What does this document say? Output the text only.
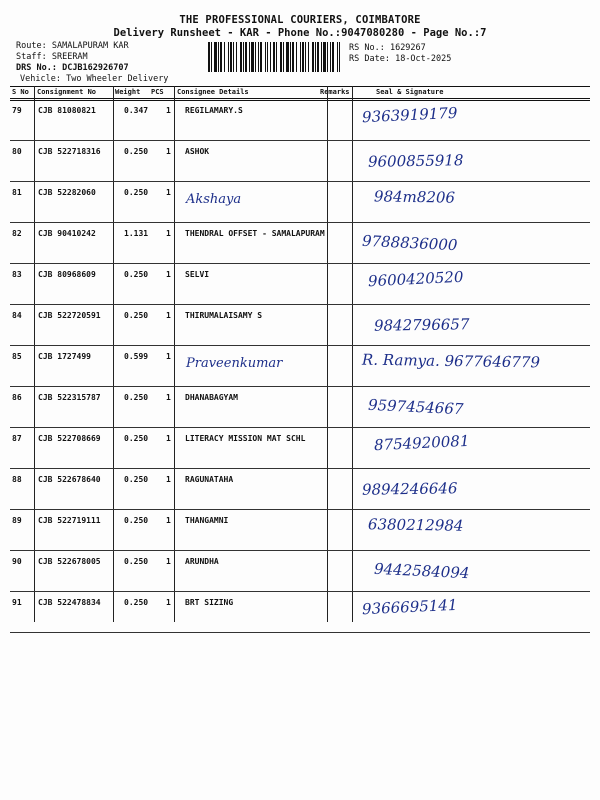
THE PROFESSIONAL COURIERS, COIMBATORE
Delivery Runsheet - KAR - Phone No.:9047080280 - Page No.:7
Route: SAMALAPURAM KAR
Staff: SREERAM
DRS No.: DCJB162926707
Vehicle: Two Wheeler Delivery
RS No.: 1629267
RS Date: 18-Oct-2025
S No Consignment No	Weight PCS Consignee Details	Remarks	Seal & Signature
79 CJB 81080821	0.347 1 REGILAMARY.S	9363919179
80 CJB 522718316	0.250 1 ASHOK	9600855918
81 CJB 52282060	0.250 1 Akshaya	984m8206
82 CJB 90410242	1.131 1 THENDRAL OFFSET - SAMALAPURAM 9788836000
83 CJB 80968609	0.250 1 SELVI	9600420520
84 CJB 522720591	0.250 1 THIRUMALAISAMY S	9842796657
85 CJB 1727499	0.599 1 Praveenkumar	R. Ramya. 9677646779
86 CJB 522315787	0.250 1 DHANABAGYAM	9597454667
87 CJB 522708669	0.250 1 LITERACY MISSION MAT SCHL	8754920081
88 CJB 522678640	0.250 1 RAGUNATAHA	9894246646
89 CJB 522719111	0.250 1 THANGAMNI	6380212984
90 CJB 522678005	0.250 1 ARUNDHA	9442584094
91 CJB 522478834	0.250 1 BRT SIZING	9366695141
